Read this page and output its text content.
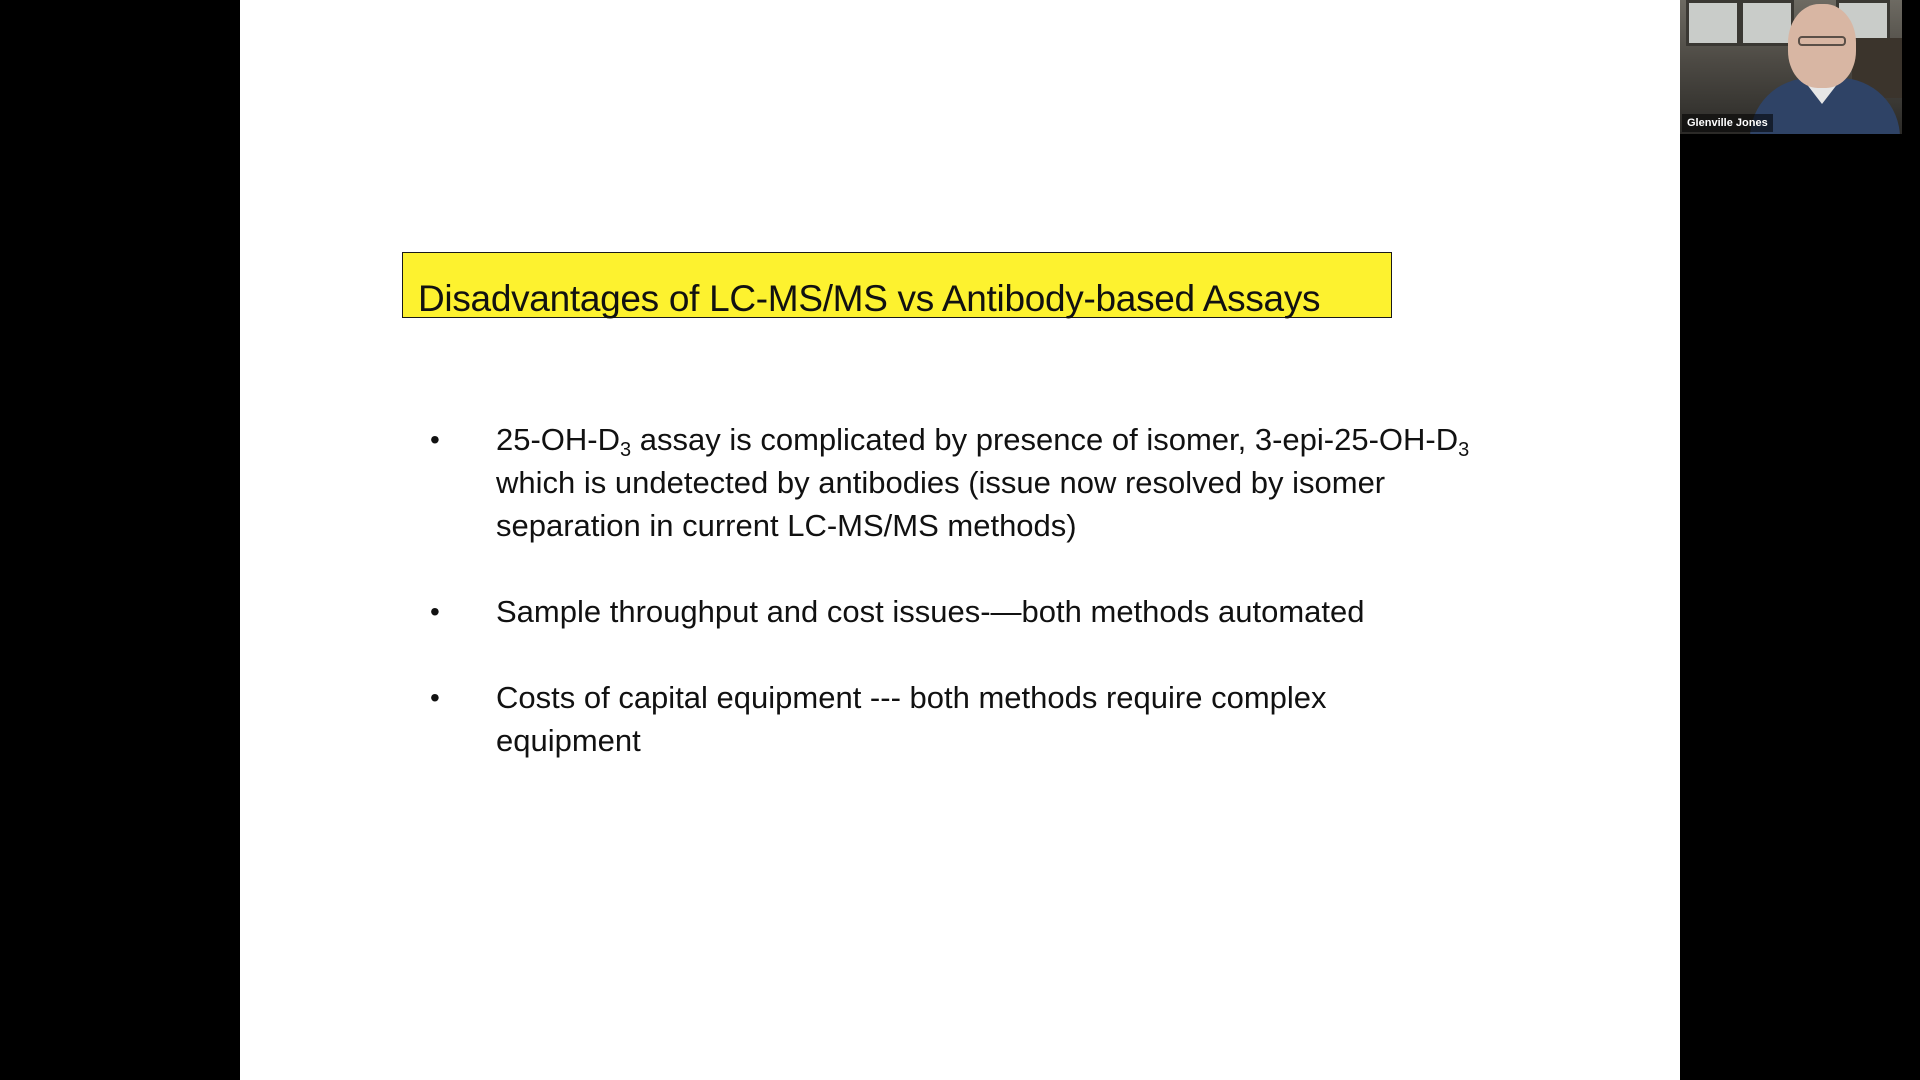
Disadvantages of LC-MS/MS vs Antibody-based Assays
• $25-OH-D_3$ assay is complicated by presence of isomer, $3-epi-25-OH-D_3$
which is undetected by antibodies (issue now resolved by isomer
separation in current LC-MS/MS methods)
• Sample throughput and cost issues-—both methods automated
• Costs of capital equipment --- both methods require complex
equipment
Glenville Jones
